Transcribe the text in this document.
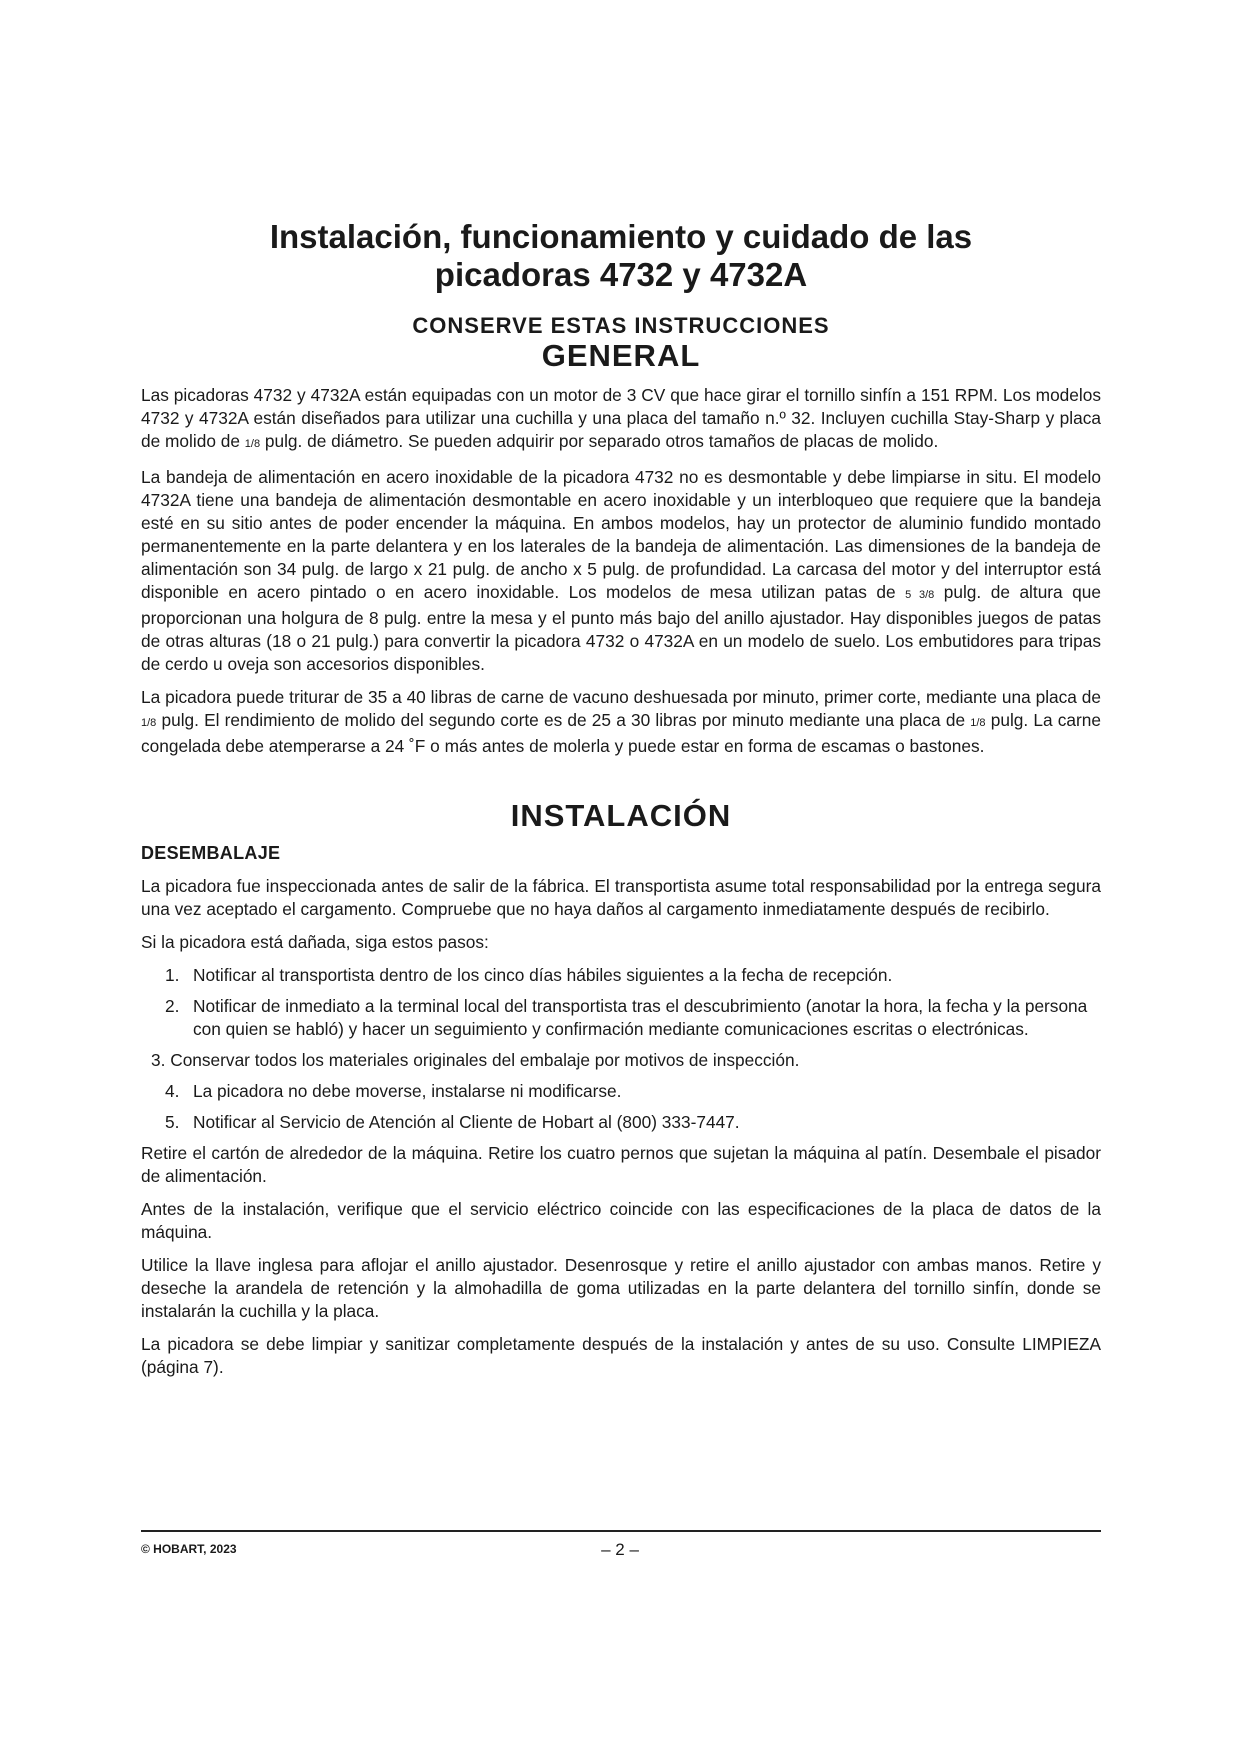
Instalación, funcionamiento y cuidado de las
picadoras 4732 y 4732A
CONSERVE ESTAS INSTRUCCIONES
GENERAL

Las picadoras 4732 y 4732A están equipadas con un motor de 3 CV que hace girar el tornillo sinfín a 151 RPM. Los modelos 4732 y 4732A están diseñados para utilizar una cuchilla y una placa del tamaño n.º 32. Incluyen cuchilla Stay-Sharp y placa de molido de 1/8 pulg. de diámetro. Se pueden adquirir por separado otros tamaños de placas de molido.

La bandeja de alimentación en acero inoxidable de la picadora 4732 no es desmontable y debe limpiarse in situ. El modelo 4732A tiene una bandeja de alimentación desmontable en acero inoxidable y un interbloqueo que requiere que la bandeja esté en su sitio antes de poder encender la máquina. En ambos modelos, hay un protector de aluminio fundido montado permanentemente en la parte delantera y en los laterales de la bandeja de alimentación. Las dimensiones de la bandeja de alimentación son 34 pulg. de largo x 21 pulg. de ancho x 5 pulg. de profundidad. La carcasa del motor y del interruptor está disponible en acero pintado o en acero inoxidable. Los modelos de mesa utilizan patas de 5 3/8 pulg. de altura que proporcionan una holgura de 8 pulg. entre la mesa y el punto más bajo del anillo ajustador. Hay disponibles juegos de patas de otras alturas (18 o 21 pulg.) para convertir la picadora 4732 o 4732A en un modelo de suelo. Los embutidores para tripas de cerdo u oveja son accesorios disponibles.

La picadora puede triturar de 35 a 40 libras de carne de vacuno deshuesada por minuto, primer corte, mediante una placa de 1/8 pulg. El rendimiento de molido del segundo corte es de 25 a 30 libras por minuto mediante una placa de 1/8 pulg. La carne congelada debe atemperarse a 24 ˚F o más antes de molerla y puede estar en forma de escamas o bastones.

INSTALACIÓN
DESEMBALAJE

La picadora fue inspeccionada antes de salir de la fábrica. El transportista asume total responsabilidad por la entrega segura una vez aceptado el cargamento. Compruebe que no haya daños al cargamento inmediatamente después de recibirlo.

Si la picadora está dañada, siga estos pasos:

1. Notificar al transportista dentro de los cinco días hábiles siguientes a la fecha de recepción.
2. Notificar de inmediato a la terminal local del transportista tras el descubrimiento (anotar la hora, la fecha y la persona con quien se habló) y hacer un seguimiento y confirmación mediante comunicaciones escritas o electrónicas.
3. Conservar todos los materiales originales del embalaje por motivos de inspección.
4. La picadora no debe moverse, instalarse ni modificarse.
5. Notificar al Servicio de Atención al Cliente de Hobart al (800) 333-7447.

Retire el cartón de alrededor de la máquina. Retire los cuatro pernos que sujetan la máquina al patín. Desembale el pisador de alimentación.

Antes de la instalación, verifique que el servicio eléctrico coincide con las especificaciones de la placa de datos de la máquina.

Utilice la llave inglesa para aflojar el anillo ajustador. Desenrosque y retire el anillo ajustador con ambas manos. Retire y deseche la arandela de retención y la almohadilla de goma utilizadas en la parte delantera del tornillo sinfín, donde se instalarán la cuchilla y la placa.

La picadora se debe limpiar y sanitizar completamente después de la instalación y antes de su uso. Consulte LIMPIEZA (página 7).

© HOBART, 2023	– 2 –
